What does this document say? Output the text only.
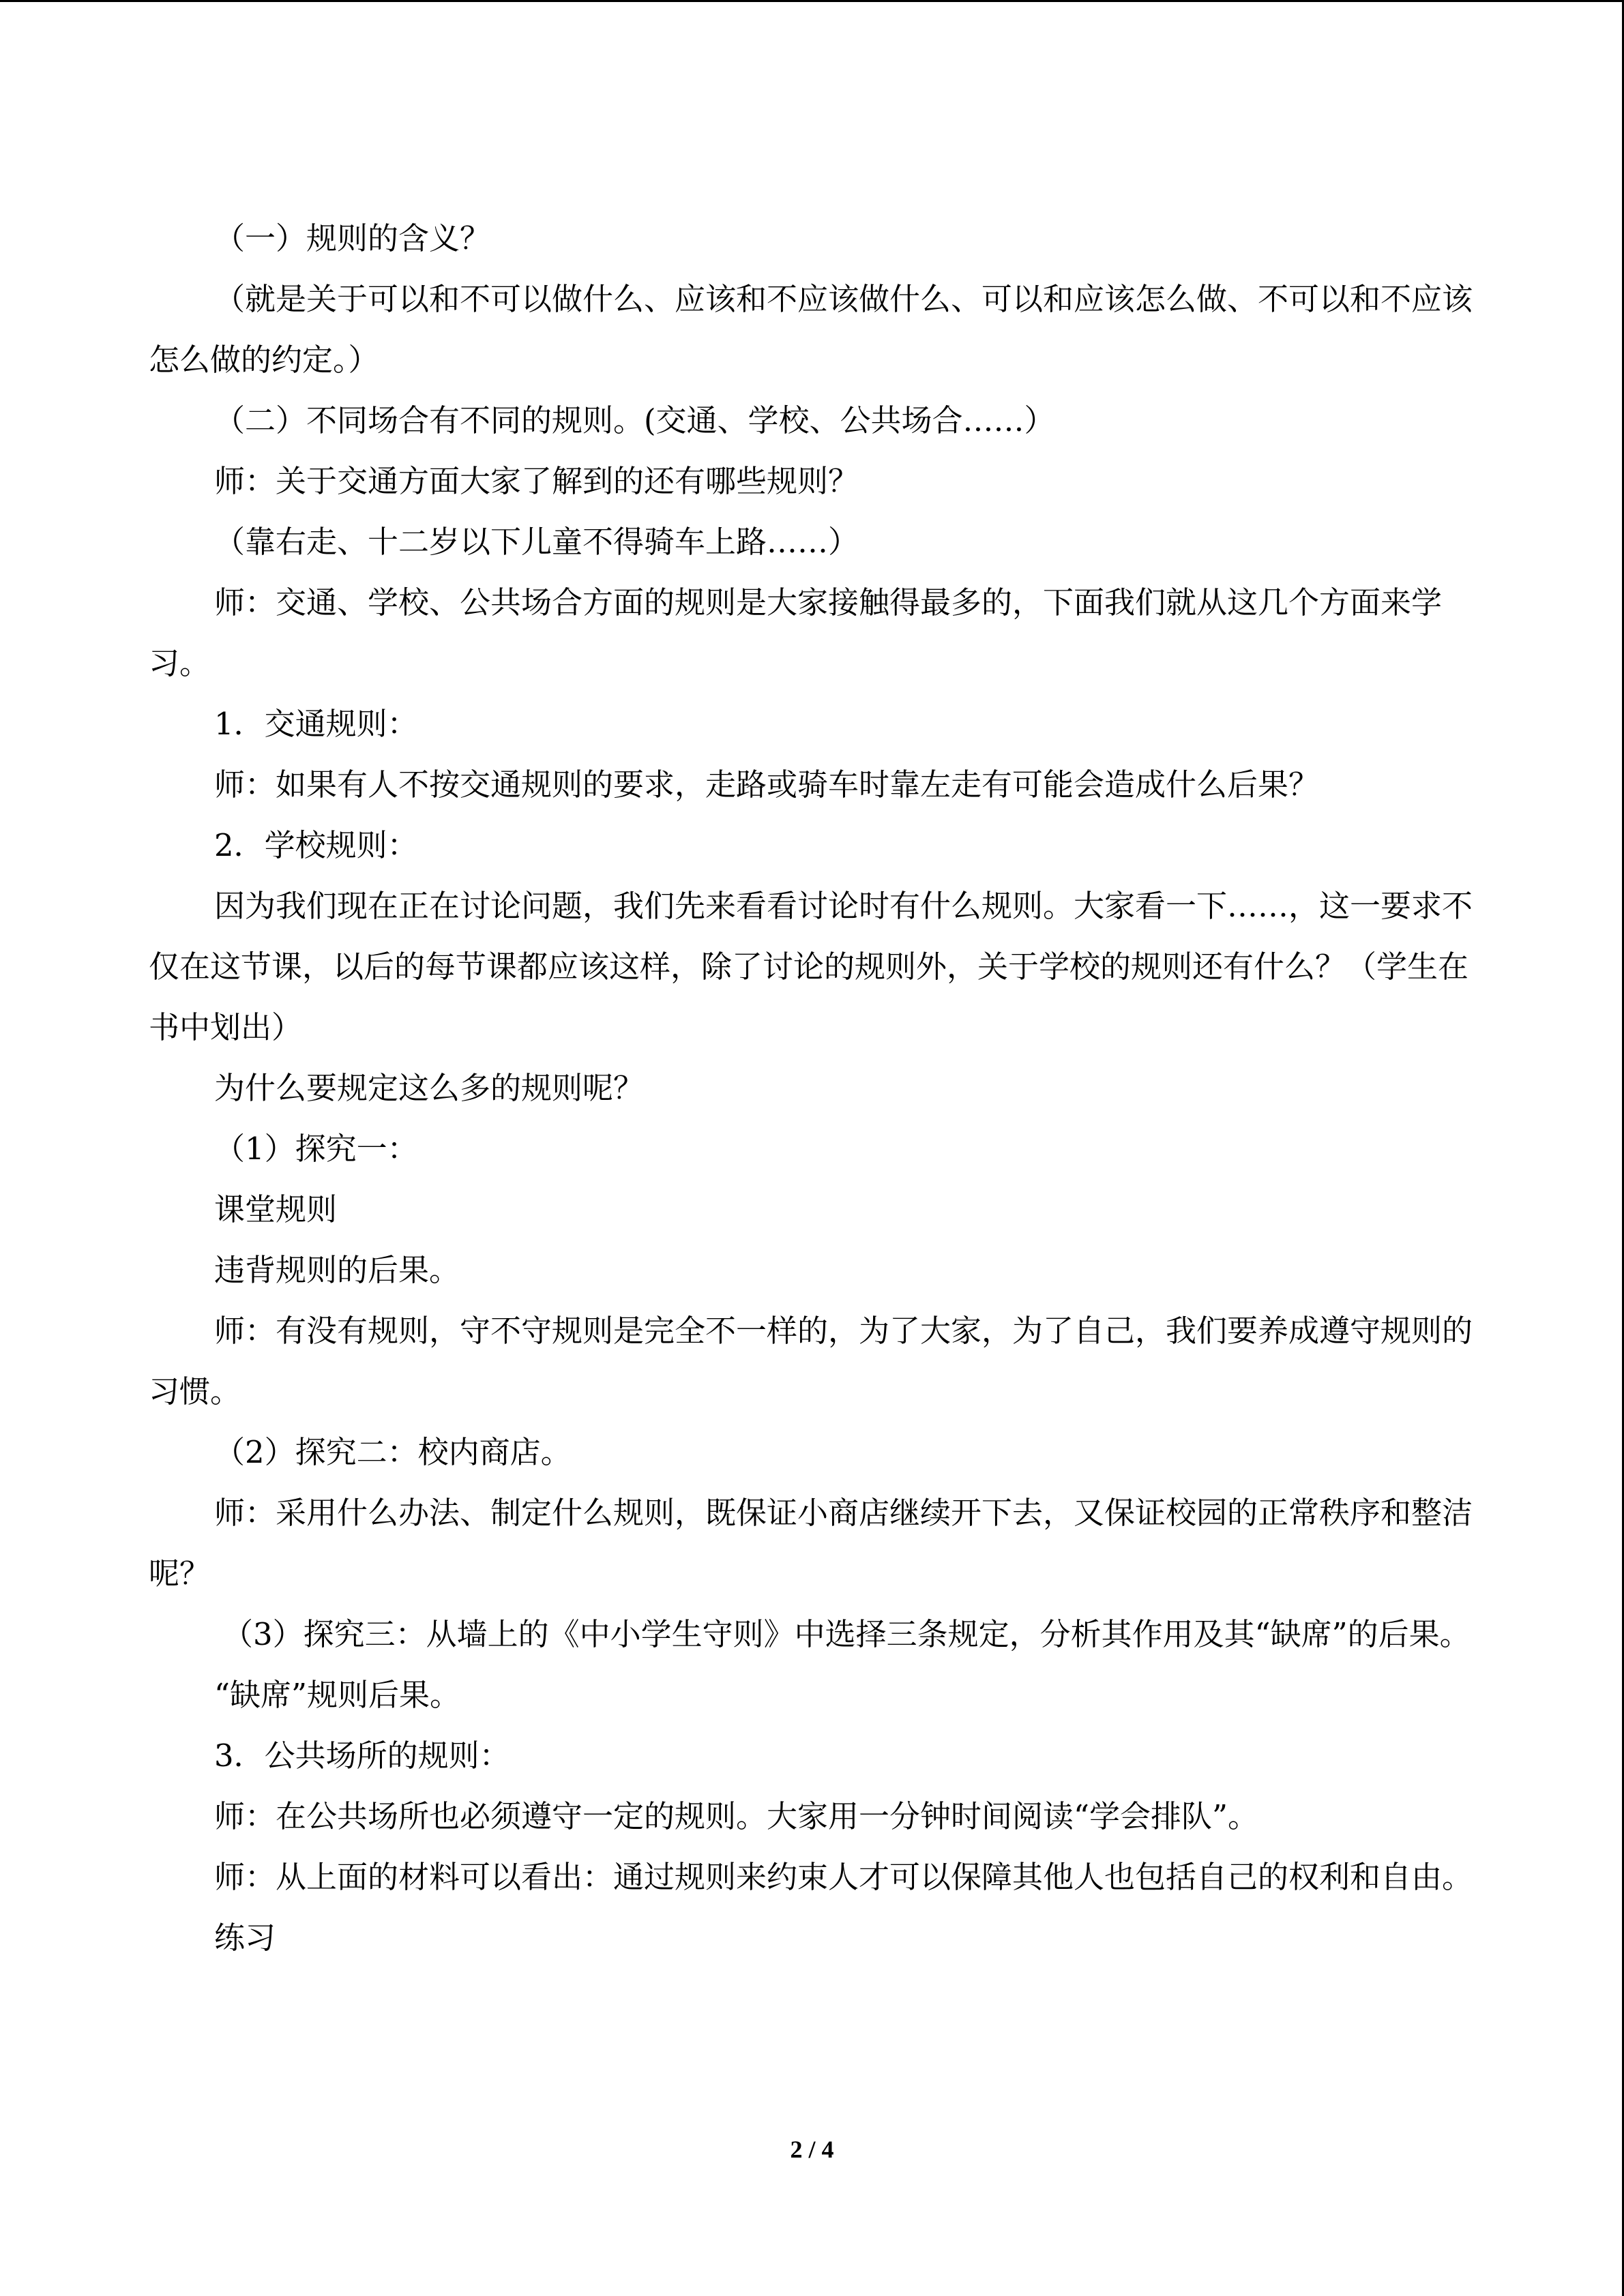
（一）规则的含义？

（就是关于可以和不可以做什么、应该和不应该做什么、可以和应该怎么做、不可以和不应该怎么做的约定。）

（二）不同场合有不同的规则。(交通、学校、公共场合……）

师：关于交通方面大家了解到的还有哪些规则？

（靠右走、十二岁以下儿童不得骑车上路……）

师：交通、学校、公共场合方面的规则是大家接触得最多的，下面我们就从这几个方面来学习。

1．交通规则：

师：如果有人不按交通规则的要求，走路或骑车时靠左走有可能会造成什么后果？

2．学校规则：

因为我们现在正在讨论问题，我们先来看看讨论时有什么规则。大家看一下……，这一要求不仅在这节课，以后的每节课都应该这样，除了讨论的规则外，关于学校的规则还有什么？（学生在书中划出）

为什么要规定这么多的规则呢？

（1）探究一：

课堂规则

违背规则的后果。

师：有没有规则，守不守规则是完全不一样的，为了大家，为了自己，我们要养成遵守规则的习惯。

（2）探究二：校内商店。

师：采用什么办法、制定什么规则，既保证小商店继续开下去，又保证校园的正常秩序和整洁呢？

（3）探究三：从墙上的《中小学生守则》中选择三条规定，分析其作用及其“缺席”的后果。

“缺席”规则后果。

3．公共场所的规则：

师：在公共场所也必须遵守一定的规则。大家用一分钟时间阅读“学会排队”。

师：从上面的材料可以看出：通过规则来约束人才可以保障其他人也包括自己的权利和自由。

练习

2 / 4
